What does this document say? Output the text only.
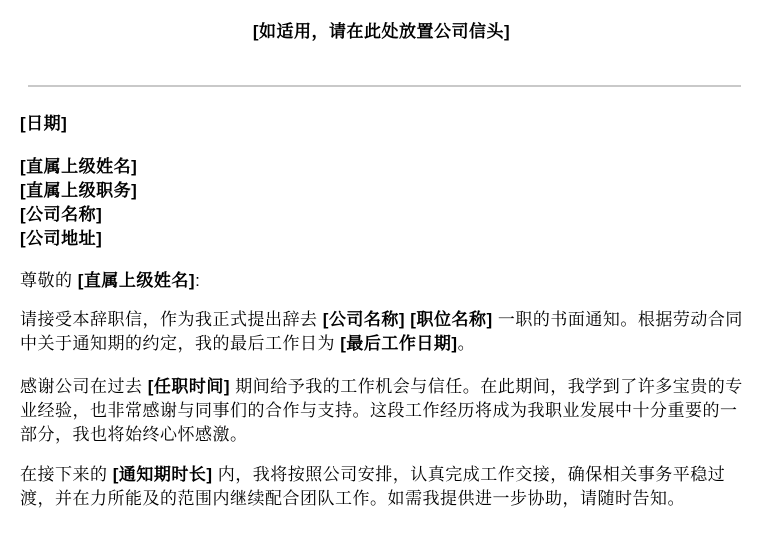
[如适用，请在此处放置公司信头]

[日期]

[直属上级姓名]
[直属上级职务]
[公司名称]
[公司地址]

尊敬的 [直属上级姓名]:

请接受本辞职信，作为我正式提出辞去 [公司名称] [职位名称] 一职的书面通知。根据劳动合同中关于通知期的约定，我的最后工作日为 [最后工作日期]。

感谢公司在过去 [任职时间] 期间给予我的工作机会与信任。在此期间，我学到了许多宝贵的专业经验，也非常感谢与同事们的合作与支持。这段工作经历将成为我职业发展中十分重要的一部分，我也将始终心怀感激。

在接下来的 [通知期时长] 内，我将按照公司安排，认真完成工作交接，确保相关事务平稳过渡，并在力所能及的范围内继续配合团队工作。如需我提供进一步协助，请随时告知。
